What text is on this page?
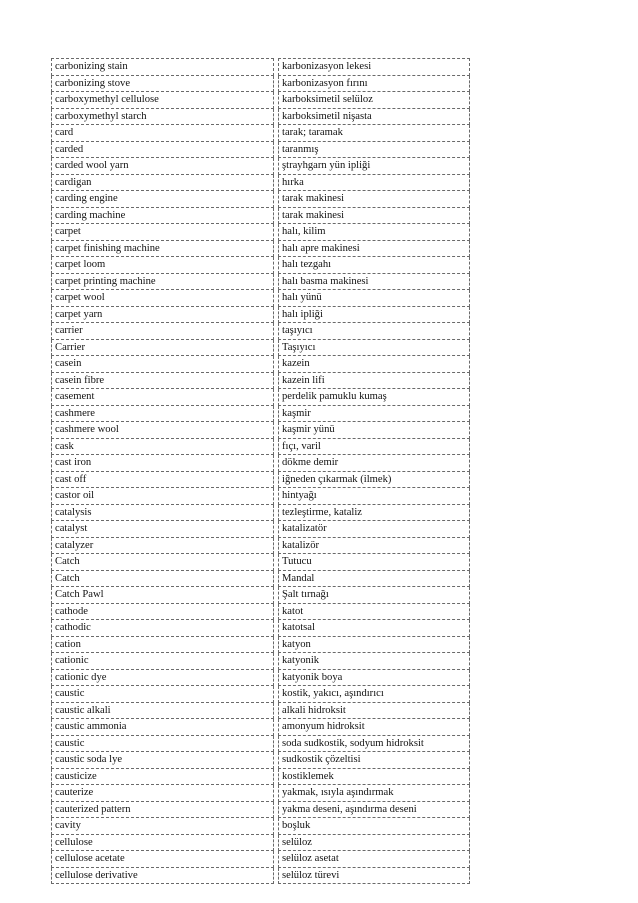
carbonizing stain		karbonizasyon lekesi
carbonizing stove		karbonizasyon fırını
carboxymethyl cellulose		karboksimetil selüloz
carboxymethyl starch		karboksimetil nişasta
card		tarak; taramak
carded		taranmış
carded wool yarn		ştrayhgarn yün ipliği
cardigan		hırka
carding engine		tarak makinesi
carding machine		tarak makinesi
carpet		halı, kilim
carpet finishing machine		halı apre makinesi
carpet loom		halı tezgahı
carpet printing machine		halı basma makinesi
carpet wool		halı yünü
carpet yarn		halı ipliği
carrier		taşıyıcı
Carrier		Taşıyıcı
casein		kazein
casein fibre		kazein lifi
casement		perdelik pamuklu kumaş
cashmere		kaşmir
cashmere wool		kaşmir yünü
cask		fıçı, varil
cast iron		dökme demir
cast off		iğneden çıkarmak (ilmek)
castor oil		hintyağı
catalysis		tezleştirme, kataliz
catalyst		katalizatör
catalyzer		katalizör
Catch		Tutucu
Catch		Mandal
Catch Pawl		Şalt tırnağı
cathode		katot
cathodic		katotsal
cation		katyon
cationic		katyonik
cationic dye		katyonik boya
caustic		kostik, yakıcı, aşındırıcı
caustic alkali		alkali hidroksit
caustic ammonia		amonyum hidroksit
caustic		soda sudkostik, sodyum hidroksit
caustic soda lye		sudkostik çözeltisi
causticize		kostiklemek
cauterize		yakmak, ısıyla aşındırmak
cauterized pattern		yakma deseni, aşındırma deseni
cavity		boşluk
cellulose		selüloz
cellulose acetate		selüloz asetat
cellulose derivative		selüloz türevi
